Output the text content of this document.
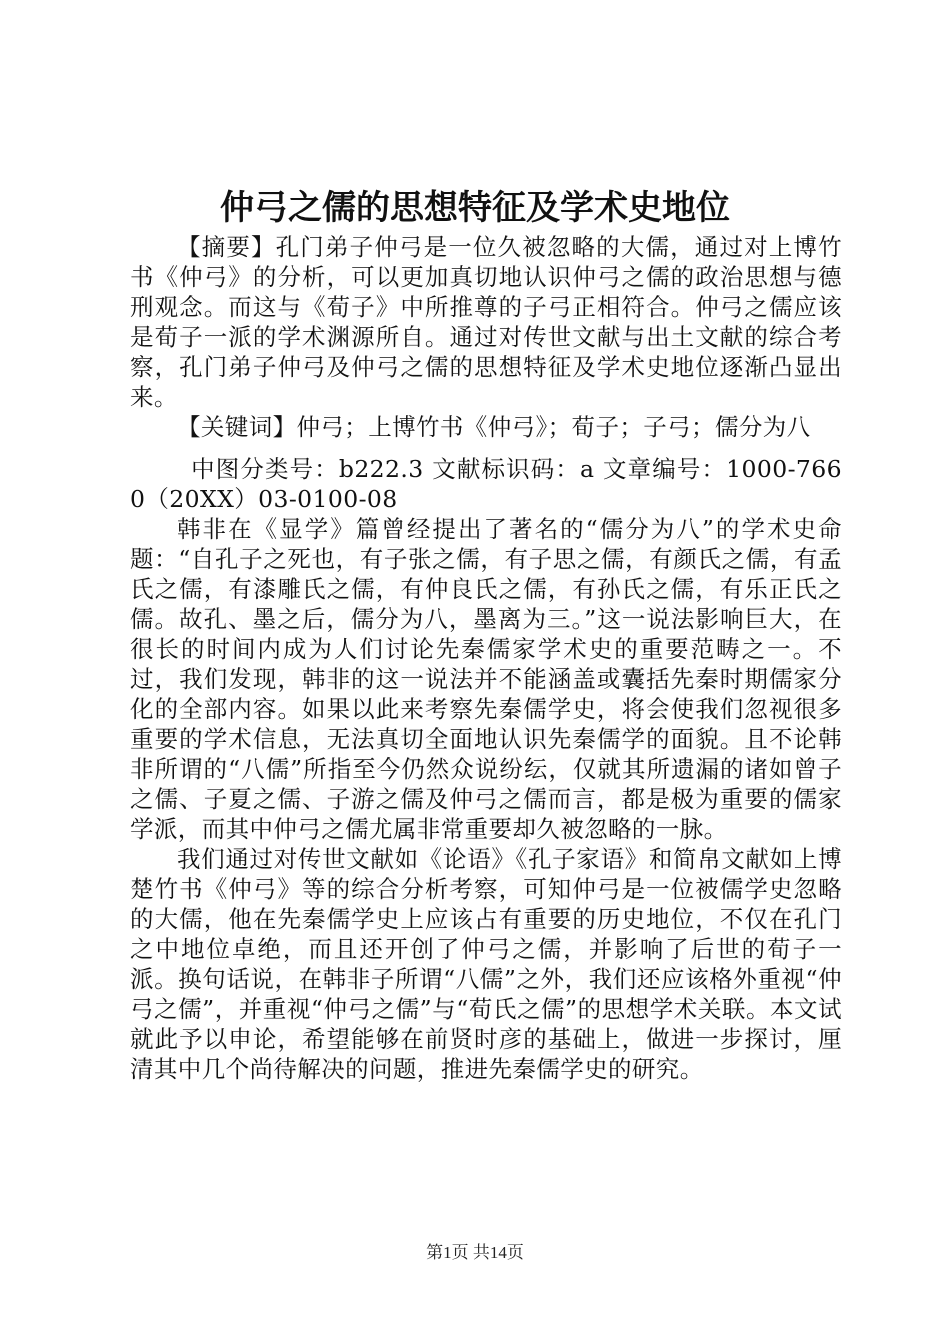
仲弓之儒的思想特征及学术史地位

【摘要】孔门弟子仲弓是一位久被忽略的大儒，通过对上博竹书《仲弓》的分析，可以更加真切地认识仲弓之儒的政治思想与德刑观念。而这与《荀子》中所推尊的子弓正相符合。仲弓之儒应该是荀子一派的学术渊源所自。通过对传世文献与出土文献的综合考察，孔门弟子仲弓及仲弓之儒的思想特征及学术史地位逐渐凸显出来。

【关键词】仲弓；上博竹书《仲弓》；荀子；子弓；儒分为八

中图分类号：b222.3 文献标识码：a 文章编号：1000-7660（20XX）03-0100-08

韩非在《显学》篇曾经提出了著名的“儒分为八”的学术史命题：“自孔子之死也，有子张之儒，有子思之儒，有颜氏之儒，有孟氏之儒，有漆雕氏之儒，有仲良氏之儒，有孙氏之儒，有乐正氏之儒。故孔、墨之后，儒分为八，墨离为三。”这一说法影响巨大，在很长的时间内成为人们讨论先秦儒家学术史的重要范畴之一。不过，我们发现，韩非的这一说法并不能涵盖或囊括先秦时期儒家分化的全部内容。如果以此来考察先秦儒学史，将会使我们忽视很多重要的学术信息，无法真切全面地认识先秦儒学的面貌。且不论韩非所谓的“八儒”所指至今仍然众说纷纭，仅就其所遗漏的诸如曾子之儒、子夏之儒、子游之儒及仲弓之儒而言，都是极为重要的儒家学派，而其中仲弓之儒尤属非常重要却久被忽略的一脉。

我们通过对传世文献如《论语》《孔子家语》和简帛文献如上博楚竹书《仲弓》等的综合分析考察，可知仲弓是一位被儒学史忽略的大儒，他在先秦儒学史上应该占有重要的历史地位，不仅在孔门之中地位卓绝，而且还开创了仲弓之儒，并影响了后世的荀子一派。换句话说，在韩非子所谓“八儒”之外，我们还应该格外重视“仲弓之儒”，并重视“仲弓之儒”与“荀氏之儒”的思想学术关联。本文试就此予以申论，希望能够在前贤时彦的基础上，做进一步探讨，厘清其中几个尚待解决的问题，推进先秦儒学史的研究。

第1页 共14页
